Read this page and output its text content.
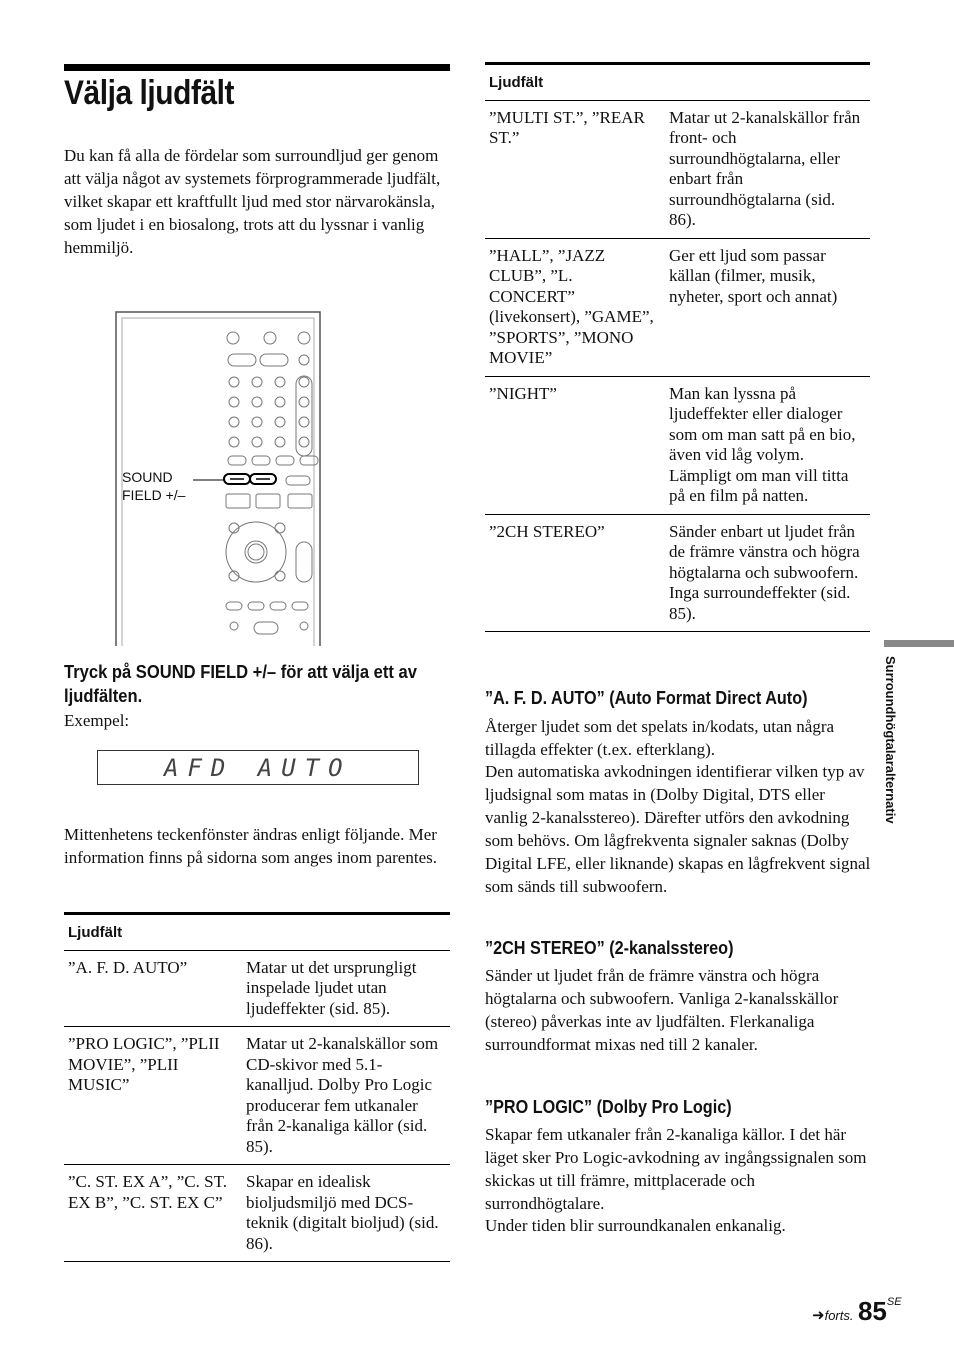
Välja ljudfält
Du kan få alla de fördelar som surroundljud ger genom att välja något av systemets förprogrammerade ljudfält, vilket skapar ett kraftfullt ljud med stor närvarokänsla, som ljudet i en biosalong, trots att du lyssnar i vanlig hemmiljö.
SOUND
FIELD +/–
Tryck på SOUND FIELD +/– för att välja ett av ljudfälten.
Exempel:
AFD AUTO
Mittenhetens teckenfönster ändras enligt följande. Mer information finns på sidorna som anges inom parentes.
Ljudfält	
”A. F. D. AUTO”	Matar ut det ursprungligt inspelade ljudet utan ljudeffekter (sid. 85).
”PRO LOGIC”, ”PLII MOVIE”, ”PLII MUSIC”	Matar ut 2-kanalskällor som CD-skivor med 5.1-kanalljud. Dolby Pro Logic producerar fem utkanaler från 2-kanaliga källor (sid. 85).
”C. ST. EX A”, ”C. ST. EX B”, ”C. ST. EX C”	Skapar en idealisk bioljudsmiljö med DCS-teknik (digitalt bioljud) (sid. 86).
Ljudfält	
”MULTI ST.”, ”REAR ST.”	Matar ut 2-kanalskällor från front- och surroundhögtalarna, eller enbart från surroundhögtalarna (sid. 86).
”HALL”, ”JAZZ CLUB”, ”L. CONCERT” (livekonsert), ”GAME”, ”SPORTS”, ”MONO MOVIE”	Ger ett ljud som passar källan (filmer, musik, nyheter, sport och annat)
”NIGHT”	Man kan lyssna på ljudeffekter eller dialoger som om man satt på en bio, även vid låg volym. Lämpligt om man vill titta på en film på natten.
”2CH STEREO”	Sänder enbart ut ljudet från de främre vänstra och högra högtalarna och subwoofern. Inga surroundeffekter (sid. 85).
”A. F. D. AUTO” (Auto Format Direct Auto)
Återger ljudet som det spelats in/kodats, utan några tillagda effekter (t.ex. efterklang).
Den automatiska avkodningen identifierar vilken typ av ljudsignal som matas in (Dolby Digital, DTS eller vanlig 2-kanalsstereo). Därefter utförs den avkodning som behövs. Om lågfrekventa signaler saknas (Dolby Digital LFE, eller liknande) skapas en lågfrekvent signal som sänds till subwoofern.
”2CH STEREO” (2-kanalsstereo)
Sänder ut ljudet från de främre vänstra och högra högtalarna och subwoofern. Vanliga 2-kanalsskällor (stereo) påverkas inte av ljudfälten. Flerkanaliga surroundformat mixas ned till 2 kanaler.
”PRO LOGIC” (Dolby Pro Logic)
Skapar fem utkanaler från 2-kanaliga källor. I det här läget sker Pro Logic-avkodning av ingångssignalen som skickas ut till främre, mittplacerade och surrondhögtalare.
Under tiden blir surroundkanalen enkanalig.
Surroundhögtalaralternativ
➜forts. $85^{SE}$
